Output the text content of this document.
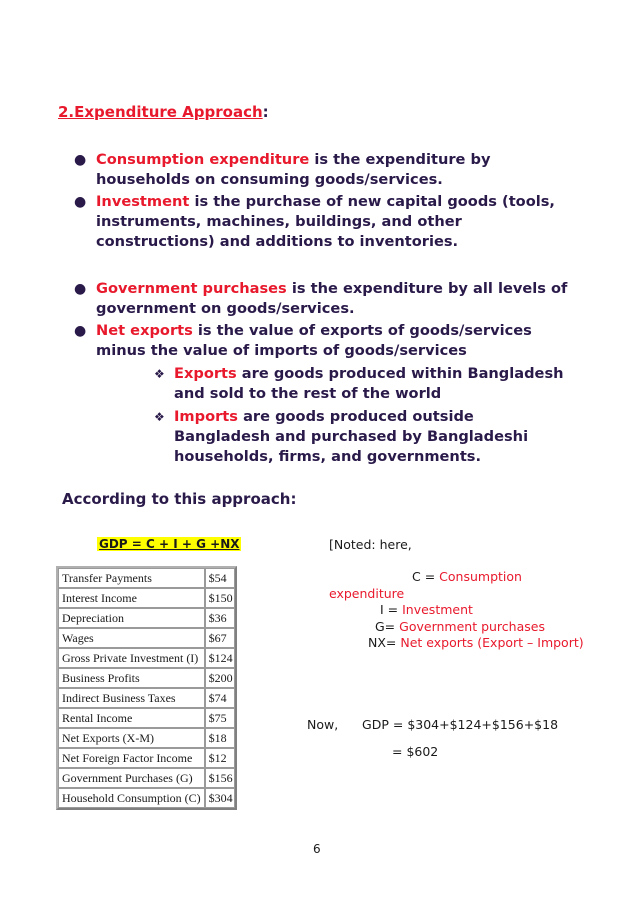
2.Expenditure Approach:
● Consumption expenditure is the expenditure by households on consuming goods/services.
● Investment is the purchase of new capital goods (tools, instruments, machines, buildings, and other constructions) and additions to inventories.
● Government purchases is the expenditure by all levels of government on goods/services.
● Net exports is the value of exports of goods/services minus the value of imports of goods/services
❖ Exports are goods produced within Bangladesh and sold to the rest of the world
❖ Imports are goods produced outside Bangladesh and purchased by Bangladeshi households, firms, and governments.
According to this approach:
GDP = C + I + G +NX	[Noted: here,
C = Consumption
expenditure
I = Investment
G= Government purchases
NX= Net exports (Export – Import)
Transfer Payments	$54
Interest Income	$150
Depreciation	$36
Wages	$67
Gross Private Investment (I)	$124
Business Profits	$200
Indirect Business Taxes	$74
Rental Income	$75
Net Exports (X-M)	$18
Net Foreign Factor Income	$12
Government Purchases (G)	$156
Household Consumption (C)	$304
Now, GDP = $304+$124+$156+$18
= $602
6
